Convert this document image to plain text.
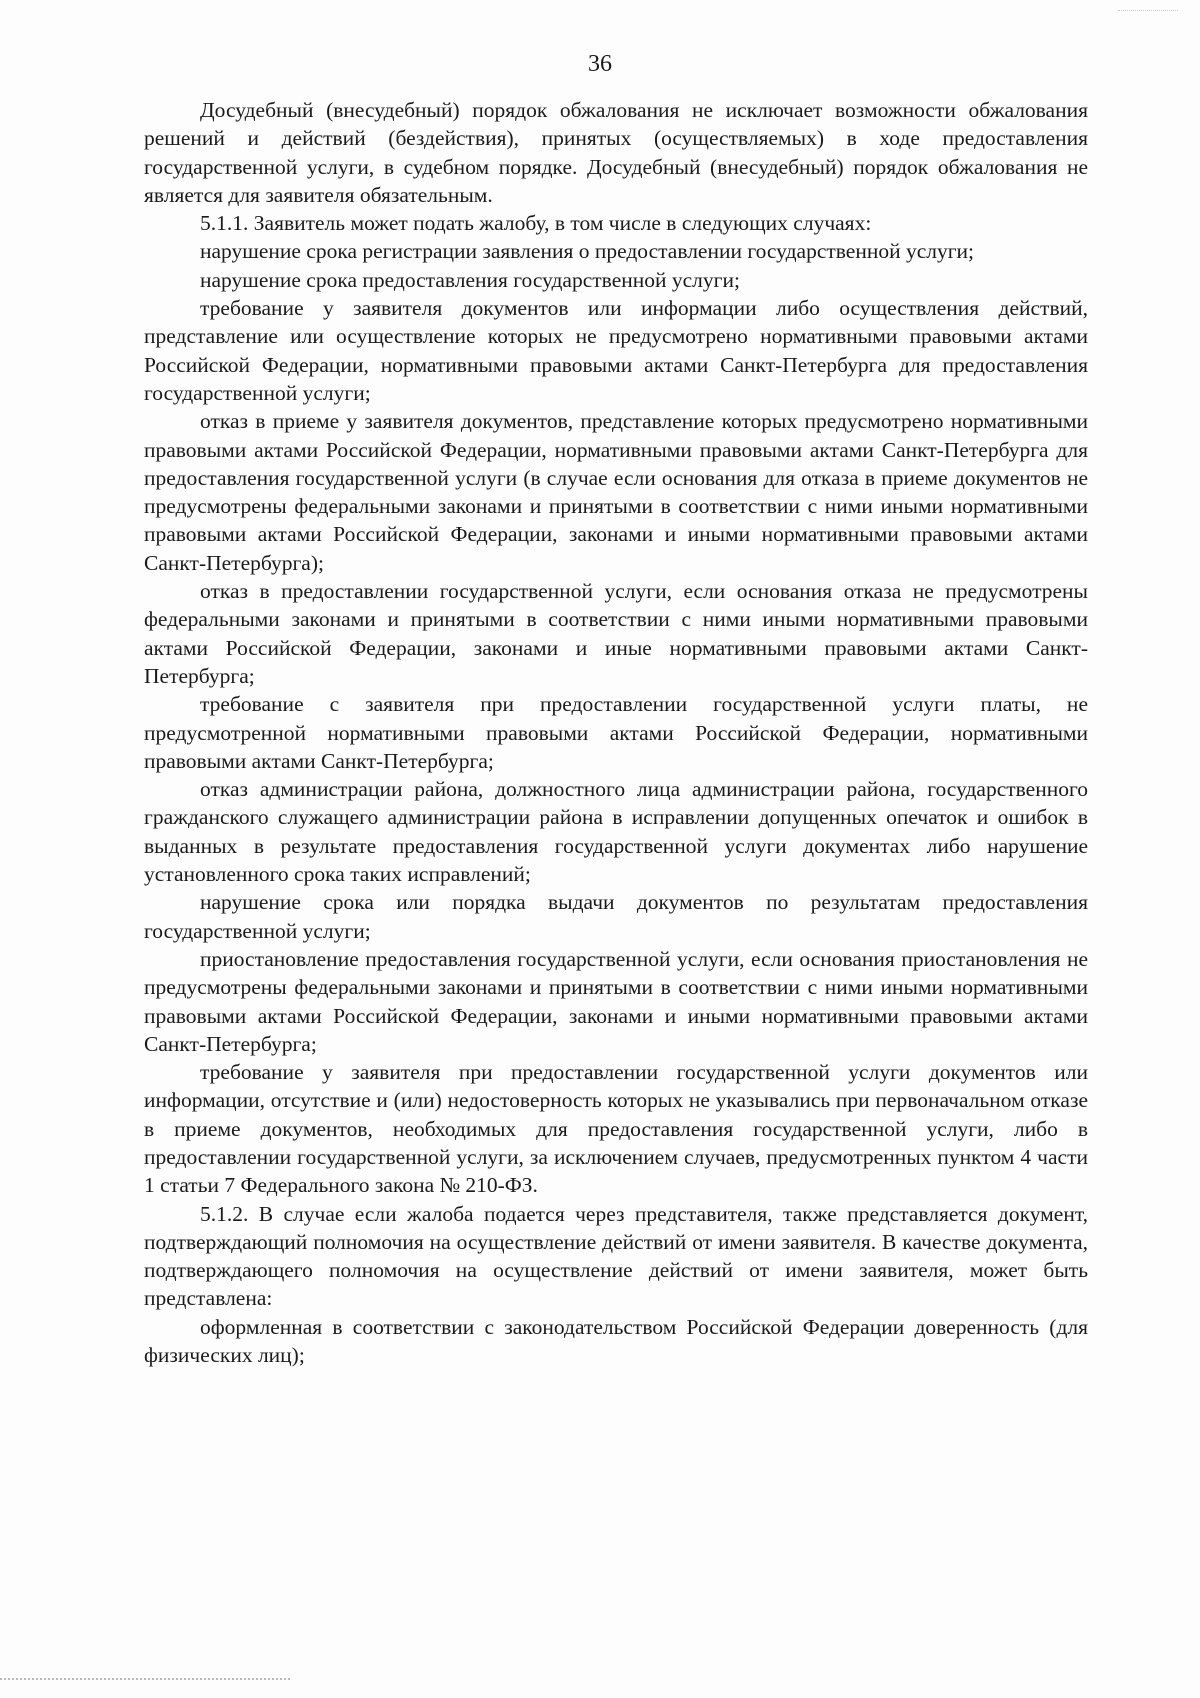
36

Досудебный (внесудебный) порядок обжалования не исключает возможности обжалования решений и действий (бездействия), принятых (осуществляемых) в ходе предоставления государственной услуги, в судебном порядке. Досудебный (внесудебный) порядок обжалования не является для заявителя обязательным.

5.1.1. Заявитель может подать жалобу, в том числе в следующих случаях:

нарушение срока регистрации заявления о предоставлении государственной услуги;

нарушение срока предоставления государственной услуги;

требование у заявителя документов или информации либо осуществления действий, представление или осуществление которых не предусмотрено нормативными правовыми актами Российской Федерации, нормативными правовыми актами Санкт-Петербурга для предоставления государственной услуги;

отказ в приеме у заявителя документов, представление которых предусмотрено нормативными правовыми актами Российской Федерации, нормативными правовыми актами Санкт-Петербурга для предоставления государственной услуги (в случае если основания для отказа в приеме документов не предусмотрены федеральными законами и принятыми в соответствии с ними иными нормативными правовыми актами Российской Федерации, законами и иными нормативными правовыми актами Санкт-Петербурга);

отказ в предоставлении государственной услуги, если основания отказа не предусмотрены федеральными законами и принятыми в соответствии с ними иными нормативными правовыми актами Российской Федерации, законами и иные нормативными правовыми актами Санкт-Петербурга;

требование с заявителя при предоставлении государственной услуги платы, не предусмотренной нормативными правовыми актами Российской Федерации, нормативными правовыми актами Санкт-Петербурга;

отказ администрации района, должностного лица администрации района, государственного гражданского служащего администрации района в исправлении допущенных опечаток и ошибок в выданных в результате предоставления государственной услуги документах либо нарушение установленного срока таких исправлений;

нарушение срока или порядка выдачи документов по результатам предоставления государственной услуги;

приостановление предоставления государственной услуги, если основания приостановления не предусмотрены федеральными законами и принятыми в соответствии с ними иными нормативными правовыми актами Российской Федерации, законами и иными нормативными правовыми актами Санкт-Петербурга;

требование у заявителя при предоставлении государственной услуги документов или информации, отсутствие и (или) недостоверность которых не указывались при первоначальном отказе в приеме документов, необходимых для предоставления государственной услуги, либо в предоставлении государственной услуги, за исключением случаев, предусмотренных пунктом 4 части 1 статьи 7 Федерального закона № 210-ФЗ.

5.1.2. В случае если жалоба подается через представителя, также представляется документ, подтверждающий полномочия на осуществление действий от имени заявителя. В качестве документа, подтверждающего полномочия на осуществление действий от имени заявителя, может быть представлена:

оформленная в соответствии с законодательством Российской Федерации доверенность (для физических лиц);
